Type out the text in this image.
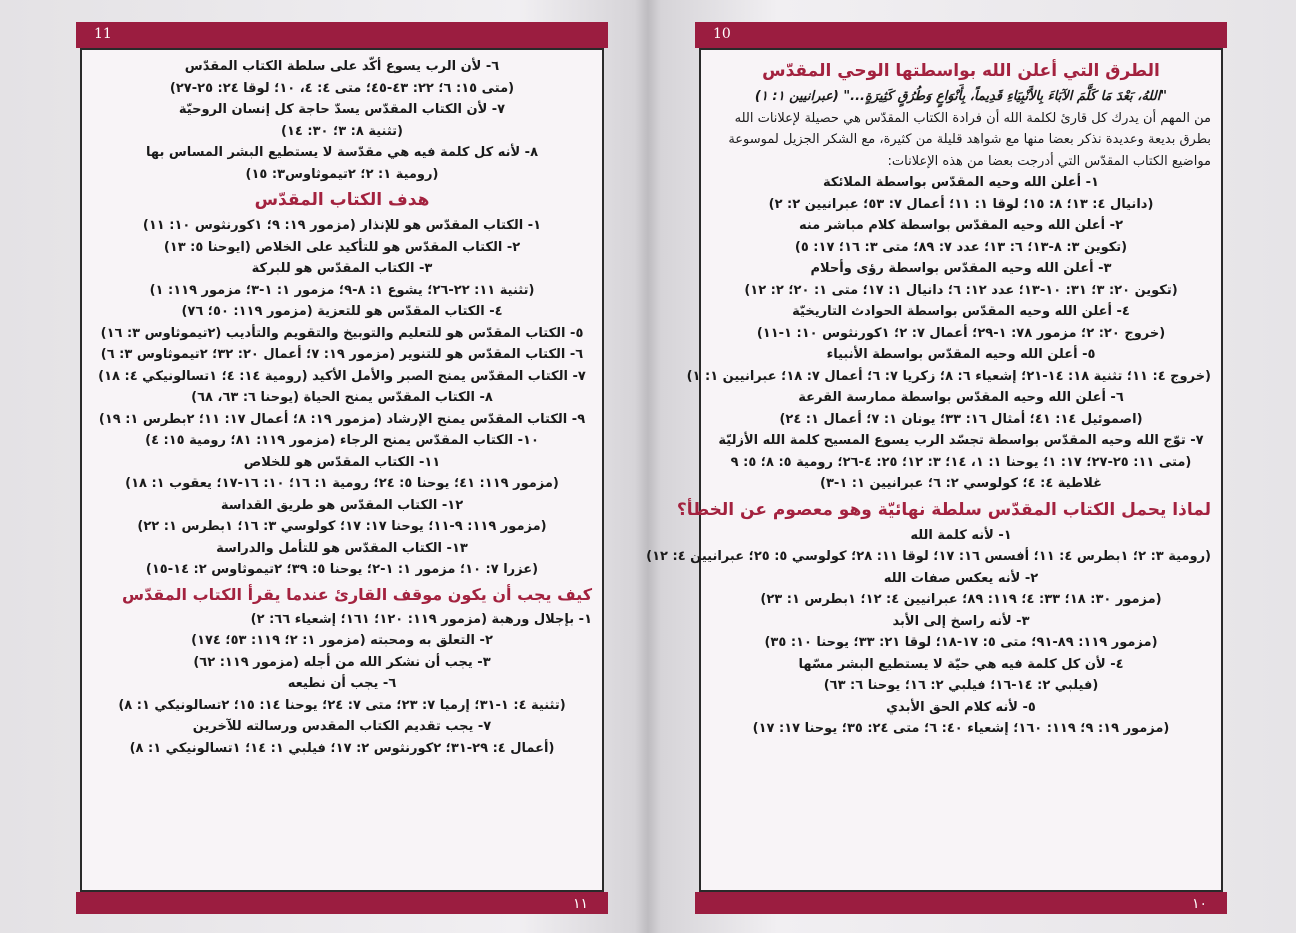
11
٦- لأن الرب يسوع أكّد على سلطة الكتاب المقدّس
(متى ١٥: ٦؛ ٢٢: ٤٣-٤٥؛ متى ٤: ٤، ١٠؛ لوقا ٢٤: ٢٥-٢٧)
٧- لأن الكتاب المقدّس يسدّ حاجة كل إنسان الروحيّة
(تثنية ٨: ٣؛ ٣٠: ١٤)
٨- لأنه كل كلمة فيه هي مقدّسة لا يستطيع البشر المساس بها
(رومية ١: ٢؛ ٢تيموثاوس٣: ١٥)
هدف الكتاب المقدّس
١- الكتاب المقدّس هو للإنذار (مزمور ١٩: ٩؛ ١كورنثوس ١٠: ١١)
٢- الكتاب المقدّس هو للتأكيد على الخلاص (ايوحنا ٥: ١٣)
٣- الكتاب المقدّس هو للبركة
(تثنية ١١: ٢٢-٢٦؛ يشوع ١: ٨-٩؛ مزمور ١: ١-٣؛ مزمور ١١٩: ١)
٤- الكتاب المقدّس هو للتعزية (مزمور ١١٩: ٥٠؛ ٧٦)
٥- الكتاب المقدّس هو للتعليم والتوبيخ والتقويم والتأديب (٢تيموثاوس ٣: ١٦)
٦- الكتاب المقدّس هو للتنوير (مزمور ١٩: ٧؛ أعمال ٢٠: ٣٢؛ ٢تيموثاوس ٣: ٦)
٧- الكتاب المقدّس يمنح الصبر والأمل الأكيد (رومية ١٤: ٤؛ ١تسالونيكي ٤: ١٨)
٨- الكتاب المقدّس يمنح الحياة (يوحنا ٦: ٦٣، ٦٨)
٩- الكتاب المقدّس يمنح الإرشاد (مزمور ١٩: ٨؛ أعمال ١٧: ١١؛ ٢بطرس ١: ١٩)
١٠- الكتاب المقدّس يمنح الرجاء (مزمور ١١٩: ٨١؛ رومية ١٥: ٤)
١١- الكتاب المقدّس هو للخلاص
(مزمور ١١٩: ٤١؛ يوحنا ٥: ٢٤؛ رومية ١: ١٦؛ ١٠: ١٦-١٧؛ يعقوب ١: ١٨)
١٢- الكتاب المقدّس هو طريق القداسة
(مزمور ١١٩: ٩-١١؛ يوحنا ١٧: ١٧؛ كولوسي ٣: ١٦؛ ١بطرس ١: ٢٢)
١٣- الكتاب المقدّس هو للتأمل والدراسة
(عزرا ٧: ١٠؛ مزمور ١: ١-٢؛ يوحنا ٥: ٣٩؛ ٢تيموثاوس ٢: ١٤-١٥)
كيف يجب أن يكون موقف القارئ عندما يقرأ الكتاب المقدّس
١- بإجلال ورهبة (مزمور ١١٩: ١٢٠؛ ١٦١؛ إشعياء ٦٦: ٢)
٢- التعلق به ومحبته (مزمور ١: ٢؛ ١١٩: ٥٣؛ ١٧٤)
٣- يجب أن نشكر الله من أجله (مزمور ١١٩: ٦٢)
٦- يجب أن نطيعه
(تثنية ٤: ١-٣١؛ إرميا ٧: ٢٣؛ متى ٧: ٢٤؛ يوحنا ١٤: ١٥؛ ٢تسالونيكي ١: ٨)
٧- يجب تقديم الكتاب المقدس ورسالته للآخرين
(أعمال ٤: ٢٩-٣١؛ ٢كورنثوس ٢: ١٧؛ فيلبي ١: ١٤؛ ١تسالونيكي ١: ٨)
١١
10
الطرق التي أعلن الله بواسطتها الوحي المقدّس
"اللهُ، بَعْدَ مَا كَلَّمَ الآبَاءَ بِالأَنْبِيَاءِ قَدِيماً، بِأَنْوَاعٍ وَطُرُقٍ كَثِيرَةٍ..." (عبرانيين ١: ١)
من المهم أن يدرك كل قارئ لكلمة الله أن فرادة الكتاب المقدّس هي حصيلة لإعلانات الله
بطرق بديعة وعديدة نذكر بعضا منها مع شواهد قليلة من كثيرة، مع الشكر الجزيل لموسوعة
مواضيع الكتاب المقدّس التي أدرجت بعضا من هذه الإعلانات:
١- أعلن الله وحيه المقدّس بواسطة الملائكة
(دانيال ٤: ١٣؛ ٨: ١٥؛ لوقا ١: ١١؛ أعمال ٧: ٥٣؛ عبرانيين ٢: ٢)
٢- أعلن الله وحيه المقدّس بواسطة كلام مباشر منه
(تكوين ٣: ٨-١٣؛ ٦: ١٣؛ عدد ٧: ٨٩؛ متى ٣: ١٦؛ ١٧: ٥)
٣- أعلن الله وحيه المقدّس بواسطة رؤى وأحلام
(تكوين ٢٠: ٣؛ ٣١: ١٠-١٣؛ عدد ١٢: ٦؛ دانيال ١: ١٧؛ متى ١: ٢٠؛ ٢: ١٢)
٤- أعلن الله وحيه المقدّس بواسطة الحوادث التاريخيّة
(خروج ٢٠: ٢؛ مزمور ٧٨: ١-٢٩؛ أعمال ٧: ٢؛ ١كورنثوس ١٠: ١-١١)
٥- أعلن الله وحيه المقدّس بواسطة الأنبياء
(خروج ٤: ١١؛ تثنية ١٨: ١٤-٢١؛ إشعياء ٦: ٨؛ زكريا ٧: ٦؛ أعمال ٧: ١٨؛ عبرانيين ١: ١)
٦- أعلن الله وحيه المقدّس بواسطة ممارسة القرعة
(اصموئيل ١٤: ٤١؛ أمثال ١٦: ٣٣؛ يونان ١: ٧؛ أعمال ١: ٢٤)
٧- توّج الله وحيه المقدّس بواسطة تجسّد الرب يسوع المسيح كلمة الله الأزليّة
(متى ١١: ٢٥-٢٧؛ ١٧: ١؛ يوحنا ١: ١، ١٤؛ ٣: ١٢؛ ٢٥: ٤-٢٦؛ رومية ٥: ٨؛ ٥: ٩
غلاطية ٤: ٤؛ كولوسي ٢: ٦؛ عبرانيين ١: ١-٣)
لماذا يحمل الكتاب المقدّس سلطة نهائيّة وهو معصوم عن الخطأ؟
١- لأنه كلمة الله
(رومية ٣: ٢؛ ١بطرس ٤: ١١؛ أفسس ١٦: ١٧؛ لوقا ١١: ٢٨؛ كولوسي ٥: ٢٥؛ عبرانيين ٤: ١٢)
٢- لأنه يعكس صفات الله
(مزمور ٣٠: ١٨؛ ٣٣: ٤؛ ١١٩: ٨٩؛ عبرانيين ٤: ١٢؛ ١بطرس ١: ٢٣)
٣- لأنه راسخ إلى الأبد
(مزمور ١١٩: ٨٩-٩١؛ متى ٥: ١٧-١٨؛ لوقا ٢١: ٣٣؛ يوحنا ١٠: ٣٥)
٤- لأن كل كلمة فيه هي حيّة لا يستطيع البشر مسّها
(فيلبي ٢: ١٤-١٦؛ فيلبي ٢: ١٦؛ يوحنا ٦: ٦٣)
٥- لأنه كلام الحق الأبدي
(مزمور ١٩: ٩؛ ١١٩: ١٦٠؛ إشعياء ٤٠: ٦؛ متى ٢٤: ٣٥؛ يوحنا ١٧: ١٧)
١٠
